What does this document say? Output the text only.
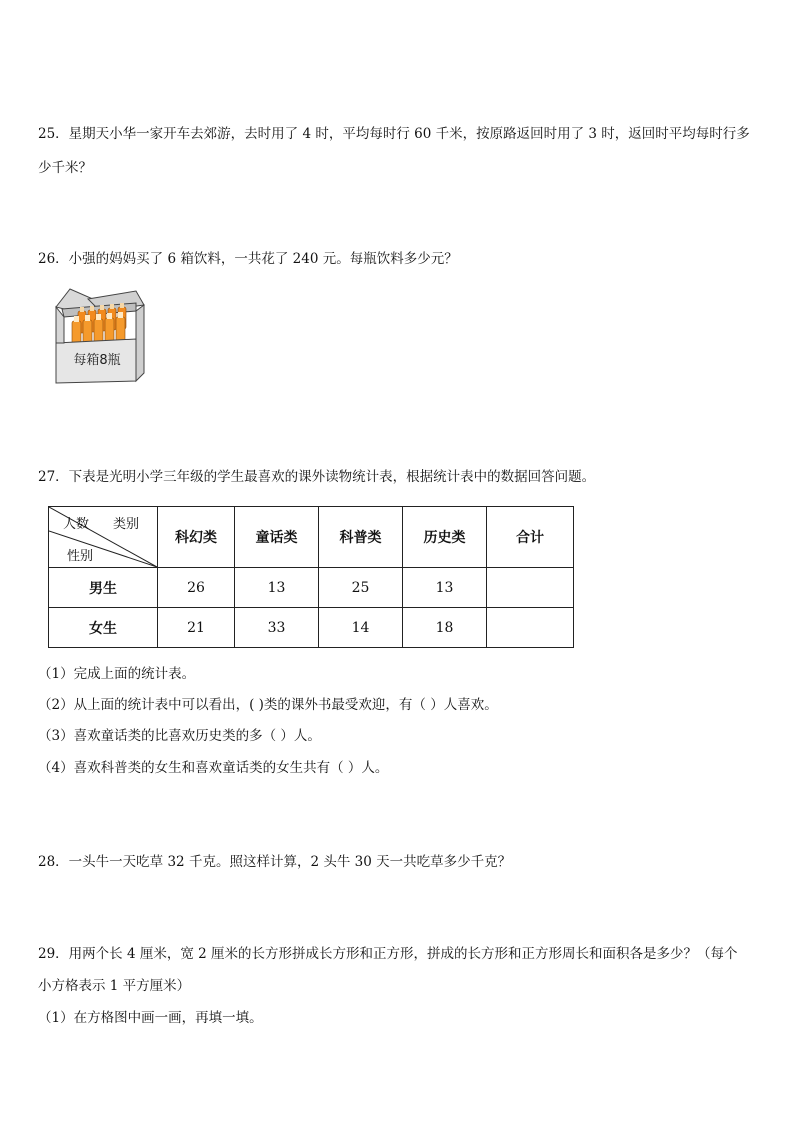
25．星期天小华一家开车去郊游，去时用了 4 时，平均每时行 60 千米，按原路返回时用了 3 时，返回时平均每时行多

少千米？

26．小强的妈妈买了 6 箱饮料，一共花了 240 元。每瓶饮料多少元？

每箱8瓶

27．下表是光明小学三年级的学生最喜欢的课外读物统计表，根据统计表中的数据回答问题。

人数 类别
性别	科幻类	童话类	科普类	历史类	合计
男生	26	13	25	13	
女生	21	33	14	18	

（1）完成上面的统计表。

（2）从上面的统计表中可以看出，( )类的课外书最受欢迎，有（ ）人喜欢。

（3）喜欢童话类的比喜欢历史类的多（ ）人。

（4）喜欢科普类的女生和喜欢童话类的女生共有（ ）人。

28．一头牛一天吃草 32 千克。照这样计算，2 头牛 30 天一共吃草多少千克？

29．用两个长 4 厘米，宽 2 厘米的长方形拼成长方形和正方形，拼成的长方形和正方形周长和面积各是多少？（每个

小方格表示 1 平方厘米）

（1）在方格图中画一画，再填一填。
